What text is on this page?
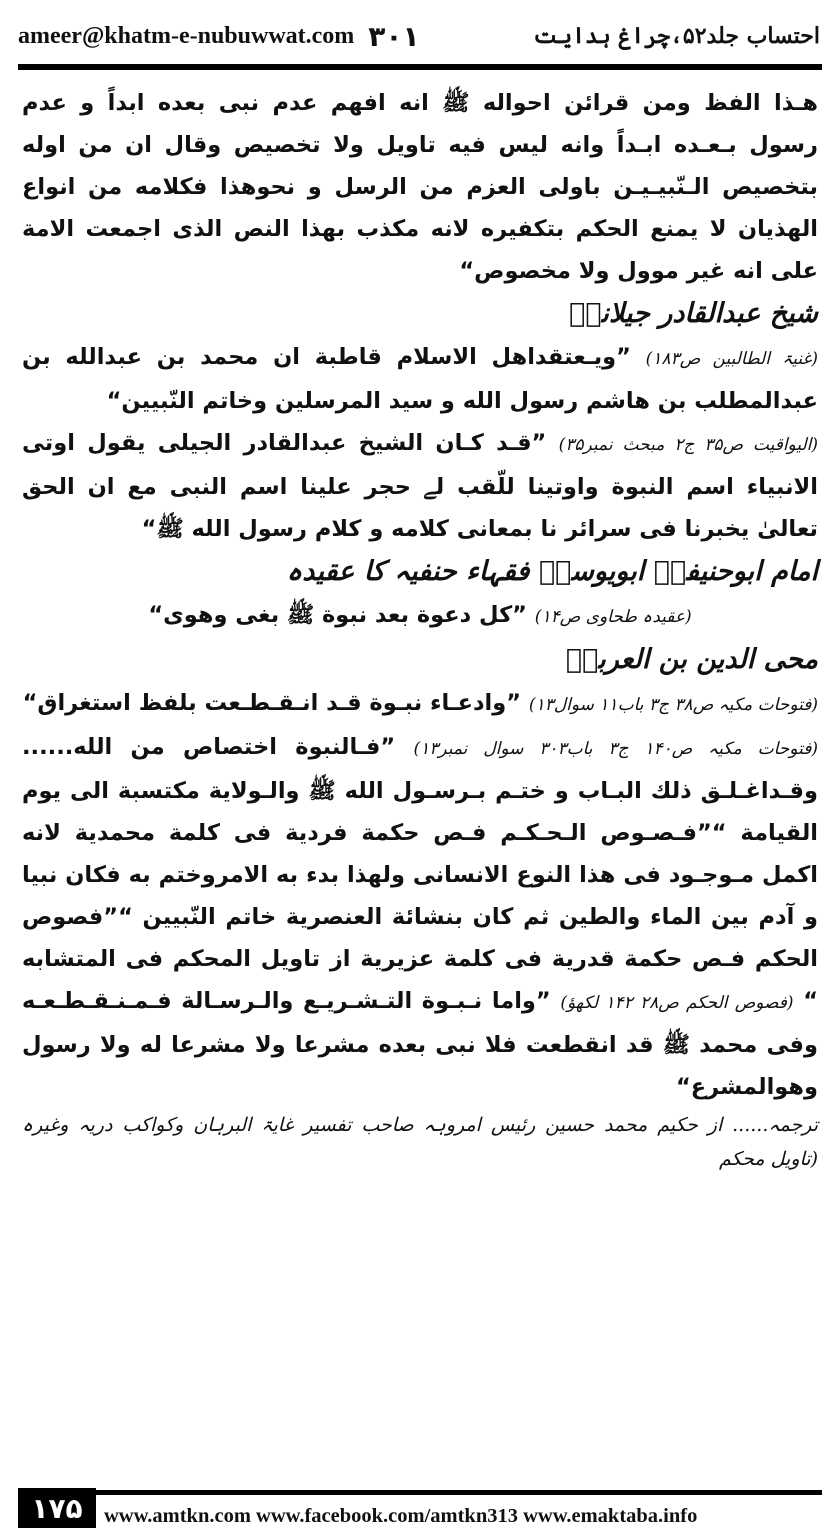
ameer@khatm-e-nubuwwat.com ۳۰۱	احتساب جلد۵۲،چراغ ہدایت

هـذا الفظ ومن قرائن احواله ﷺ انه افهم عدم نبى بعده ابداً و عدم رسول بـعـده ابـداً وانه ليس فيه تاويل ولا تخصيص وقال ان من اوله بتخصيص الـنّبيـيـن باولى العزم من الرسل و نحوهذا فكلامه من انواع الهذيان لا يمنع الحكم بتكفيره لانه مكذب بهذا النص الذى اجمعت الامة على انه غير موول ولا مخصوص“

شیخ عبدالقادر جیلانیؒ

(غنیۃ الطالبین ص۱۸۳) ”ويـعتقداهل الاسلام قاطبة ان محمد بن عبدالله بن عبدالمطلب بن هاشم رسول الله و سيد المرسلين وخاتم النّبيين“

(الیواقیت ص۳۵ ج۲ مبحث نمبر۳۵) ”قـد كـان الشيخ عبدالقادر الجيلى يقول اوتى الانبياء اسم النبوة واوتينا للّقب لے حجر علينا اسم النبى مع ان الحق تعالىٰ يخبرنا فى سرائر نا بمعانى كلامه و كلام رسول الله ﷺ“

امام ابوحنیفہؒ ابویوسفؒ فقہاء حنفیہ کا عقیدہ

(عقیدہ طحاوی ص۱۴) ”كل دعوة بعد نبوة ﷺ بغى وهوى“

محی الدین بن العربیؒ

(فتوحات مکیہ ص۳۸ ج۳ باب۱۱ سوال۱۳) ”وادعـاء نبـوة قـد انـقـطـعت بلفظ استغراق“

(فتوحات مکیہ ص۱۴۰ ج۳ باب۳۰۳ سوال نمبر۱۳) ”فـالنبوة اختصاص من الله...... وقـداغـلـق ذلك البـاب و ختـم بـرسـول الله ﷺ والـولاية مكتسبة الى يوم القيامة “”فـصـوص الـحـكـم فـص حكمة فردية فى كلمة محمدية لانه اكمل مـوجـود فى هذا النوع الانسانى ولهذا بدء به الامروختم به فكان نبيا و آدم بين الماء والطين ثم كان بنشائة العنصرية خاتم النّبيين “”فصوص الحكم فـص حكمة قدرية فى كلمة عزيرية از تاويل المحكم فى المتشابه “ (فصوص الحکم ص۲۸ ۱۴۲ لکھؤ) ”واما نـبـوة التـشـريـع والـرسـالة فـمـنـقـطـعـه وفى محمد ﷺ قد انقطعت فلا نبى بعده مشرعا ولا مشرعا له ولا رسول وهوالمشرع“

ترجمہ...... از حکیم محمد حسین رئیس امروہہ صاحب تفسیر غایۃ البرہان وکواکب دریہ وغیرہ (تاویل محکم

۱۷۵	www.amtkn.com www.facebook.com/amtkn313 www.emaktaba.info
